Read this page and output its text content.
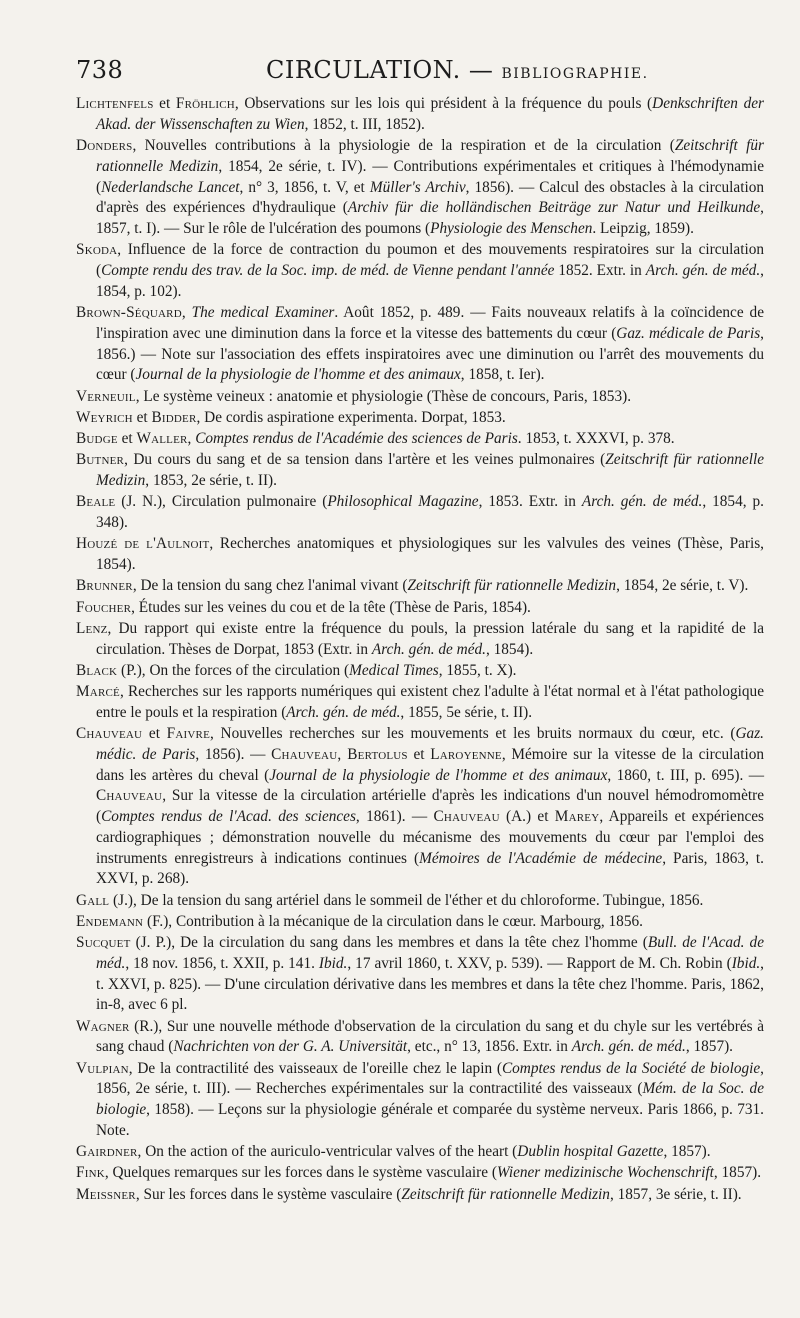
738	CIRCULATION. — BIBLIOGRAPHIE.

Lichtenfels et Fröhlich, Observations sur les lois qui président à la fréquence du pouls (Denkschriften der Akad. der Wissenschaften zu Wien, 1852, t. III, 1852).

Donders, Nouvelles contributions à la physiologie de la respiration et de la circulation (Zeitschrift für rationnelle Medizin, 1854, 2e série, t. IV). — Contributions expérimentales et critiques à l'hémodynamie (Nederlandsche Lancet, n° 3, 1856, t. V, et Müller's Archiv, 1856). — Calcul des obstacles à la circulation d'après des expériences d'hydraulique (Archiv für die holländischen Beiträge zur Natur und Heilkunde, 1857, t. I). — Sur le rôle de l'ulcération des poumons (Physiologie des Menschen. Leipzig, 1859).

Skoda, Influence de la force de contraction du poumon et des mouvements respiratoires sur la circulation (Compte rendu des trav. de la Soc. imp. de méd. de Vienne pendant l'année 1852. Extr. in Arch. gén. de méd., 1854, p. 102).

Brown-Séquard, The medical Examiner. Août 1852, p. 489. — Faits nouveaux relatifs à la coïncidence de l'inspiration avec une diminution dans la force et la vitesse des battements du cœur (Gaz. médicale de Paris, 1856.) — Note sur l'association des effets inspiratoires avec une diminution ou l'arrêt des mouvements du cœur (Journal de la physiologie de l'homme et des animaux, 1858, t. Ier).

Verneuil, Le système veineux : anatomie et physiologie (Thèse de concours, Paris, 1853).

Weyrich et Bidder, De cordis aspiratione experimenta. Dorpat, 1853.

Budge et Waller, Comptes rendus de l'Académie des sciences de Paris. 1853, t. XXXVI, p. 378.

Butner, Du cours du sang et de sa tension dans l'artère et les veines pulmonaires (Zeitschrift für rationnelle Medizin, 1853, 2e série, t. II).

Beale (J. N.), Circulation pulmonaire (Philosophical Magazine, 1853. Extr. in Arch. gén. de méd., 1854, p. 348).

Houzé de l'Aulnoit, Recherches anatomiques et physiologiques sur les valvules des veines (Thèse, Paris, 1854).

Brunner, De la tension du sang chez l'animal vivant (Zeitschrift für rationnelle Medizin, 1854, 2e série, t. V).

Foucher, Études sur les veines du cou et de la tête (Thèse de Paris, 1854).

Lenz, Du rapport qui existe entre la fréquence du pouls, la pression latérale du sang et la rapidité de la circulation. Thèses de Dorpat, 1853 (Extr. in Arch. gén. de méd., 1854).

Black (P.), On the forces of the circulation (Medical Times, 1855, t. X).

Marcé, Recherches sur les rapports numériques qui existent chez l'adulte à l'état normal et à l'état pathologique entre le pouls et la respiration (Arch. gén. de méd., 1855, 5e série, t. II).

Chauveau et Faivre, Nouvelles recherches sur les mouvements et les bruits normaux du cœur, etc. (Gaz. médic. de Paris, 1856). — Chauveau, Bertolus et Laroyenne, Mémoire sur la vitesse de la circulation dans les artères du cheval (Journal de la physiologie de l'homme et des animaux, 1860, t. III, p. 695). — Chauveau, Sur la vitesse de la circulation artérielle d'après les indications d'un nouvel hémodromomètre (Comptes rendus de l'Acad. des sciences, 1861). — Chauveau (A.) et Marey, Appareils et expériences cardiographiques ; démonstration nouvelle du mécanisme des mouvements du cœur par l'emploi des instruments enregistreurs à indications continues (Mémoires de l'Académie de médecine, Paris, 1863, t. XXVI, p. 268).

Gall (J.), De la tension du sang artériel dans le sommeil de l'éther et du chloroforme. Tubingue, 1856.

Endemann (F.), Contribution à la mécanique de la circulation dans le cœur. Marbourg, 1856.

Sucquet (J. P.), De la circulation du sang dans les membres et dans la tête chez l'homme (Bull. de l'Acad. de méd., 18 nov. 1856, t. XXII, p. 141. Ibid., 17 avril 1860, t. XXV, p. 539). — Rapport de M. Ch. Robin (Ibid., t. XXVI, p. 825). — D'une circulation dérivative dans les membres et dans la tête chez l'homme. Paris, 1862, in-8, avec 6 pl.

Wagner (R.), Sur une nouvelle méthode d'observation de la circulation du sang et du chyle sur les vertébrés à sang chaud (Nachrichten von der G. A. Universität, etc., n° 13, 1856. Extr. in Arch. gén. de méd., 1857).

Vulpian, De la contractilité des vaisseaux de l'oreille chez le lapin (Comptes rendus de la Société de biologie, 1856, 2e série, t. III). — Recherches expérimentales sur la contractilité des vaisseaux (Mém. de la Soc. de biologie, 1858). — Leçons sur la physiologie générale et comparée du système nerveux. Paris 1866, p. 731. Note.

Gairdner, On the action of the auriculo-ventricular valves of the heart (Dublin hospital Gazette, 1857).

Fink, Quelques remarques sur les forces dans le système vasculaire (Wiener medizinische Wochenschrift, 1857).

Meissner, Sur les forces dans le système vasculaire (Zeitschrift für rationnelle Medizin, 1857, 3e série, t. II).
